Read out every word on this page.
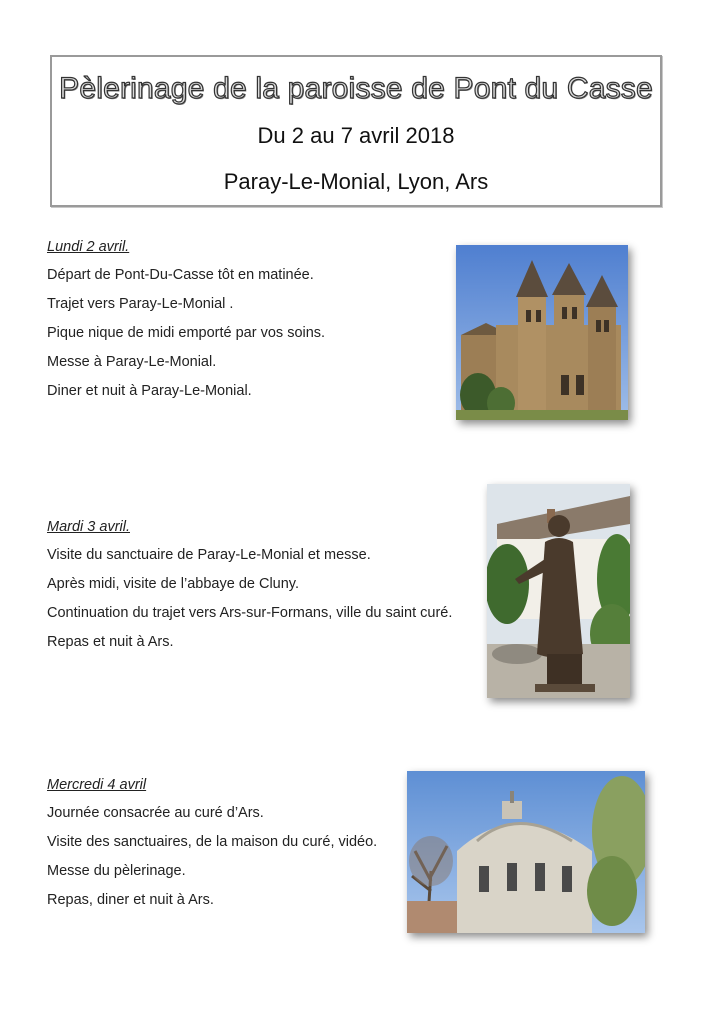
Pèlerinage de la paroisse de Pont du Casse
Du 2 au 7 avril 2018
Paray-Le-Monial, Lyon, Ars
Lundi 2 avril.
Départ de Pont-Du-Casse tôt en matinée.
Trajet vers Paray-Le-Monial .
Pique nique de midi emporté par vos soins.
Messe à Paray-Le-Monial.
Diner et nuit à Paray-Le-Monial.
Mardi 3 avril.
Visite du sanctuaire de Paray-Le-Monial et messe.
Après midi, visite de l’abbaye de Cluny.
Continuation du trajet vers Ars-sur-Formans, ville du saint curé.
Repas et nuit à Ars.
Mercredi 4 avril
Journée consacrée au curé d’Ars.
Visite des sanctuaires, de la maison du curé, vidéo.
Messe du pèlerinage.
Repas, diner et nuit à Ars.
